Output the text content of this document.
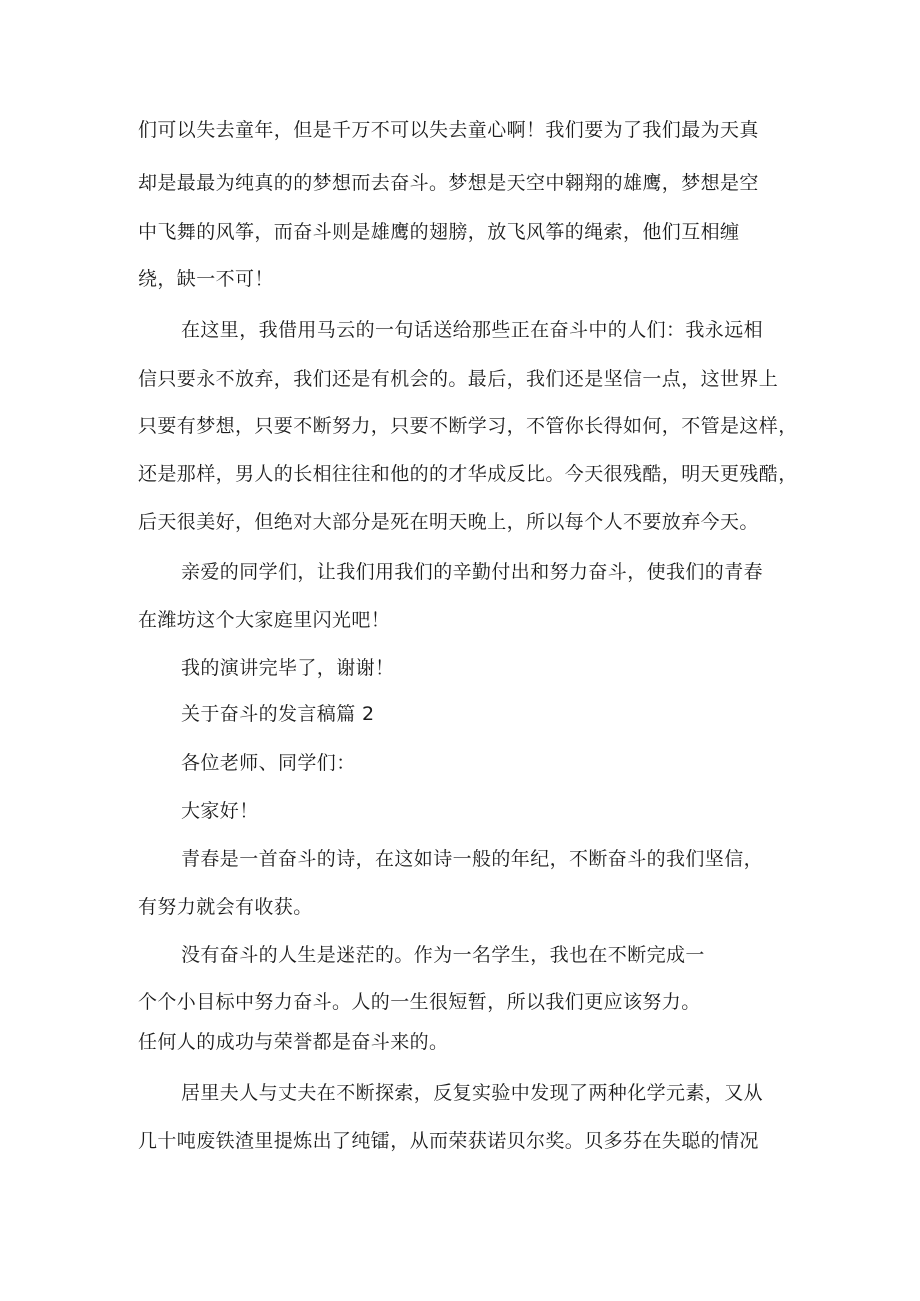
们可以失去童年，但是千万不可以失去童心啊！我们要为了我们最为天真
却是最最为纯真的的梦想而去奋斗。梦想是天空中翱翔的雄鹰，梦想是空
中飞舞的风筝，而奋斗则是雄鹰的翅膀，放飞风筝的绳索，他们互相缠
绕，缺一不可！
在这里，我借用马云的一句话送给那些正在奋斗中的人们：我永远相
信只要永不放弃，我们还是有机会的。最后，我们还是坚信一点，这世界上
只要有梦想，只要不断努力，只要不断学习，不管你长得如何，不管是这样，
还是那样，男人的长相往往和他的的才华成反比。今天很残酷，明天更残酷，
后天很美好，但绝对大部分是死在明天晚上，所以每个人不要放弃今天。
亲爱的同学们，让我们用我们的辛勤付出和努力奋斗，使我们的青春
在潍坊这个大家庭里闪光吧！
我的演讲完毕了，谢谢！
关于奋斗的发言稿篇 2
各位老师、同学们：
大家好！
青春是一首奋斗的诗，在这如诗一般的年纪，不断奋斗的我们坚信，
有努力就会有收获。
没有奋斗的人生是迷茫的。作为一名学生，我也在不断完成一
个个小目标中努力奋斗。人的一生很短暂，所以我们更应该努力。
任何人的成功与荣誉都是奋斗来的。
居里夫人与丈夫在不断探索，反复实验中发现了两种化学元素，又从
几十吨废铁渣里提炼出了纯镭，从而荣获诺贝尔奖。贝多芬在失聪的情况
